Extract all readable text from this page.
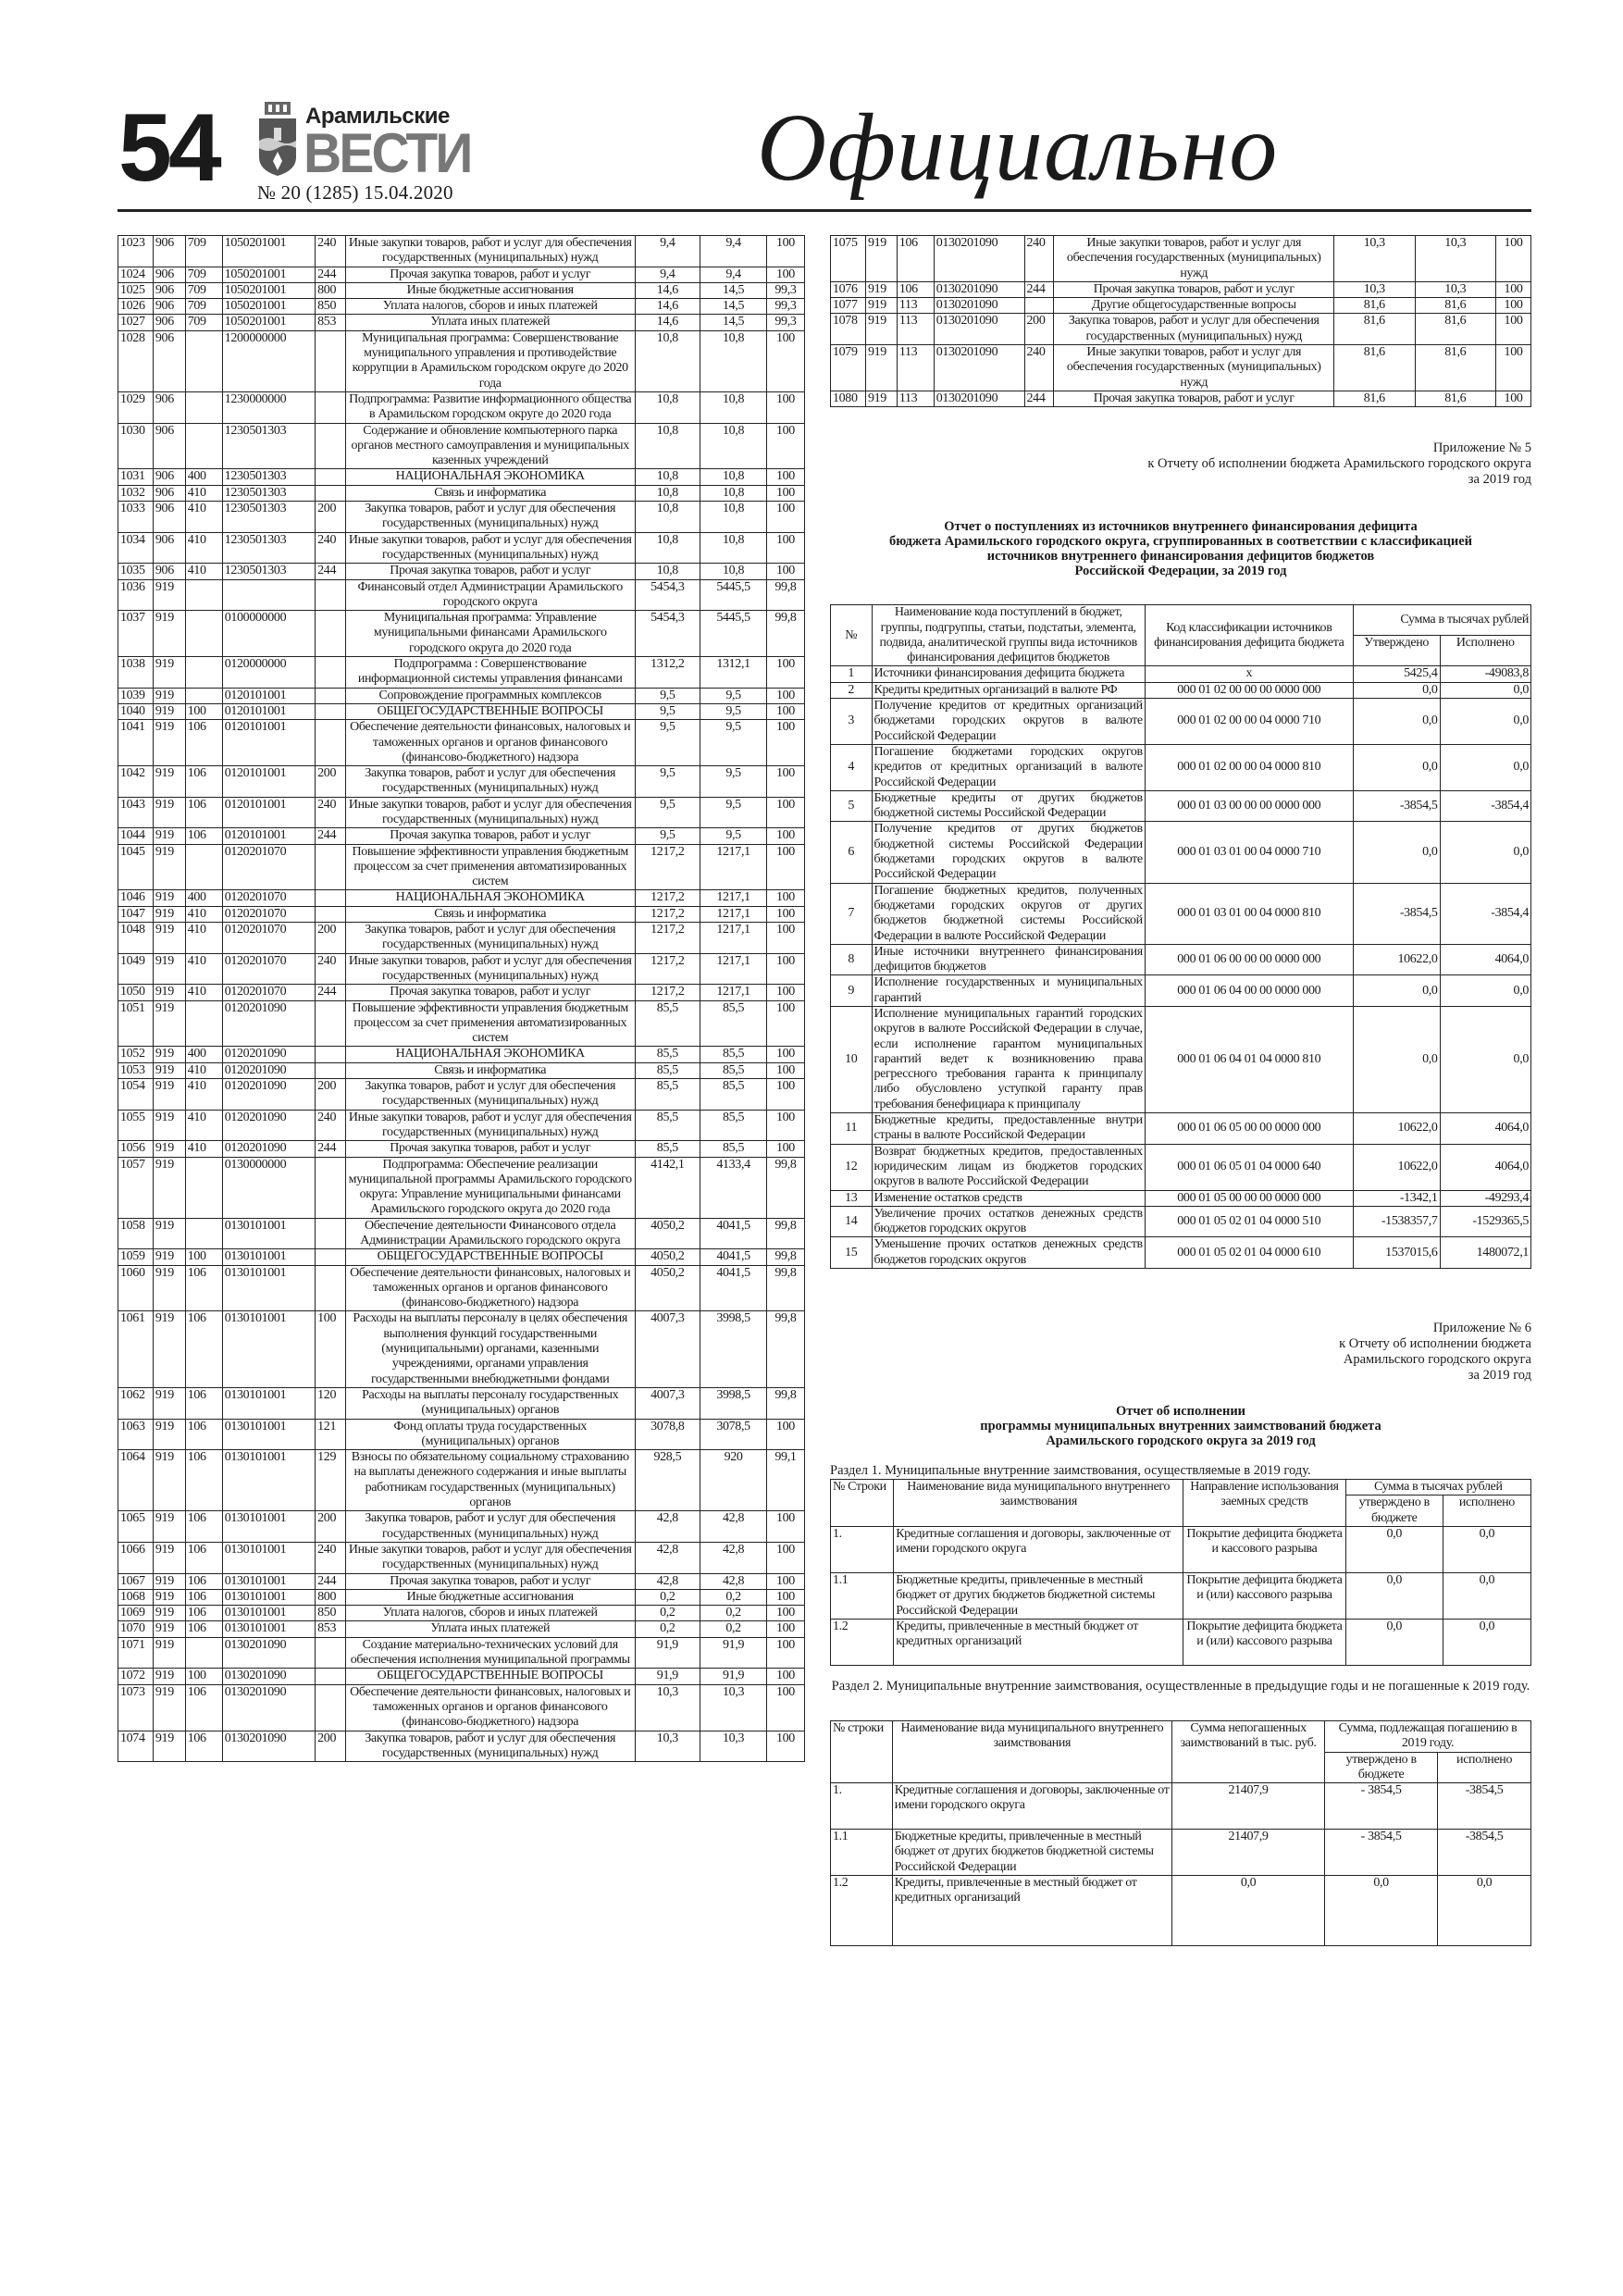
54	Арамильские
ВЕСТИ
№ 20 (1285) 15.04.2020	Официально
1023	906	709	1050201001	240	Иные закупки товаров, работ и услуг для обеспечения государственных (муниципальных) нужд	9,4	9,4	100
1024	906	709	1050201001	244	Прочая закупка товаров, работ и услуг	9,4	9,4	100
1025	906	709	1050201001	800	Иные бюджетные ассигнования	14,6	14,5	99,3
1026	906	709	1050201001	850	Уплата налогов, сборов и иных платежей	14,6	14,5	99,3
1027	906	709	1050201001	853	Уплата иных платежей	14,6	14,5	99,3
1028	906		1200000000		Муниципальная программа: Совершенствование муниципального управления и противодействие коррупции в Арамильском городском округе до 2020 года	10,8	10,8	100
1029	906		1230000000		Подпрограмма: Развитие информационного общества в Арамильском городском округе до 2020 года	10,8	10,8	100
1030	906		1230501303		Содержание и обновление компьютерного парка органов местного самоуправления и муниципальных казенных учреждений	10,8	10,8	100
1031	906	400	1230501303		НАЦИОНАЛЬНАЯ ЭКОНОМИКА	10,8	10,8	100
1032	906	410	1230501303		Связь и информатика	10,8	10,8	100
1033	906	410	1230501303	200	Закупка товаров, работ и услуг для обеспечения государственных (муниципальных) нужд	10,8	10,8	100
1034	906	410	1230501303	240	Иные закупки товаров, работ и услуг для обеспечения государственных (муниципальных) нужд	10,8	10,8	100
1035	906	410	1230501303	244	Прочая закупка товаров, работ и услуг	10,8	10,8	100
1036	919				Финансовый отдел Администрации Арамильского городского округа	5454,3	5445,5	99,8
1037	919		0100000000		Муниципальная программа: Управление муниципальными финансами Арамильского городского округа до 2020 года	5454,3	5445,5	99,8
1038	919		0120000000		Подпрограмма : Совершенствование информационной системы управления финансами	1312,2	1312,1	100
1039	919		0120101001		Сопровождение программных комплексов	9,5	9,5	100
1040	919	100	0120101001		ОБЩЕГОСУДАРСТВЕННЫЕ ВОПРОСЫ	9,5	9,5	100
1041	919	106	0120101001		Обеспечение деятельности финансовых, налоговых и таможенных органов и органов финансового (финансово-бюджетного) надзора	9,5	9,5	100
1042	919	106	0120101001	200	Закупка товаров, работ и услуг для обеспечения государственных (муниципальных) нужд	9,5	9,5	100
1043	919	106	0120101001	240	Иные закупки товаров, работ и услуг для обеспечения государственных (муниципальных) нужд	9,5	9,5	100
1044	919	106	0120101001	244	Прочая закупка товаров, работ и услуг	9,5	9,5	100
1045	919		0120201070		Повышение эффективности управления бюджетным процессом за счет применения автоматизированных систем	1217,2	1217,1	100
1046	919	400	0120201070		НАЦИОНАЛЬНАЯ ЭКОНОМИКА	1217,2	1217,1	100
1047	919	410	0120201070		Связь и информатика	1217,2	1217,1	100
1048	919	410	0120201070	200	Закупка товаров, работ и услуг для обеспечения государственных (муниципальных) нужд	1217,2	1217,1	100
1049	919	410	0120201070	240	Иные закупки товаров, работ и услуг для обеспечения государственных (муниципальных) нужд	1217,2	1217,1	100
1050	919	410	0120201070	244	Прочая закупка товаров, работ и услуг	1217,2	1217,1	100
1051	919		0120201090		Повышение эффективности управления бюджетным процессом за счет применения автоматизированных систем	85,5	85,5	100
1052	919	400	0120201090		НАЦИОНАЛЬНАЯ ЭКОНОМИКА	85,5	85,5	100
1053	919	410	0120201090		Связь и информатика	85,5	85,5	100
1054	919	410	0120201090	200	Закупка товаров, работ и услуг для обеспечения государственных (муниципальных) нужд	85,5	85,5	100
1055	919	410	0120201090	240	Иные закупки товаров, работ и услуг для обеспечения государственных (муниципальных) нужд	85,5	85,5	100
1056	919	410	0120201090	244	Прочая закупка товаров, работ и услуг	85,5	85,5	100
1057	919		0130000000		Подпрограмма: Обеспечение реализации муниципальной программы Арамильского городского округа: Управление муниципальными финансами Арамильского городского округа до 2020 года	4142,1	4133,4	99,8
1058	919		0130101001		Обеспечение деятельности Финансового отдела Администрации Арамильского городского округа	4050,2	4041,5	99,8
1059	919	100	0130101001		ОБЩЕГОСУДАРСТВЕННЫЕ ВОПРОСЫ	4050,2	4041,5	99,8
1060	919	106	0130101001		Обеспечение деятельности финансовых, налоговых и таможенных органов и органов финансового (финансово-бюджетного) надзора	4050,2	4041,5	99,8
1061	919	106	0130101001	100	Расходы на выплаты персоналу в целях обеспечения выполнения функций государственными (муниципальными) органами, казенными учреждениями, органами управления государственными внебюджетными фондами	4007,3	3998,5	99,8
1062	919	106	0130101001	120	Расходы на выплаты персоналу государственных (муниципальных) органов	4007,3	3998,5	99,8
1063	919	106	0130101001	121	Фонд оплаты труда государственных (муниципальных) органов	3078,8	3078,5	100
1064	919	106	0130101001	129	Взносы по обязательному социальному страхованию на выплаты денежного содержания и иные выплаты работникам государственных (муниципальных) органов	928,5	920	99,1
1065	919	106	0130101001	200	Закупка товаров, работ и услуг для обеспечения государственных (муниципальных) нужд	42,8	42,8	100
1066	919	106	0130101001	240	Иные закупки товаров, работ и услуг для обеспечения государственных (муниципальных) нужд	42,8	42,8	100
1067	919	106	0130101001	244	Прочая закупка товаров, работ и услуг	42,8	42,8	100
1068	919	106	0130101001	800	Иные бюджетные ассигнования	0,2	0,2	100
1069	919	106	0130101001	850	Уплата налогов, сборов и иных платежей	0,2	0,2	100
1070	919	106	0130101001	853	Уплата иных платежей	0,2	0,2	100
1071	919		0130201090		Создание материально-технических условий для обеспечения исполнения муниципальной программы	91,9	91,9	100
1072	919	100	0130201090		ОБЩЕГОСУДАРСТВЕННЫЕ ВОПРОСЫ	91,9	91,9	100
1073	919	106	0130201090		Обеспечение деятельности финансовых, налоговых и таможенных органов и органов финансового (финансово-бюджетного) надзора	10,3	10,3	100
1074	919	106	0130201090	200	Закупка товаров, работ и услуг для обеспечения государственных (муниципальных) нужд	10,3	10,3	100
1075	919	106	0130201090	240	Иные закупки товаров, работ и услуг для обеспечения государственных (муниципальных) нужд	10,3	10,3	100
1076	919	106	0130201090	244	Прочая закупка товаров, работ и услуг	10,3	10,3	100
1077	919	113	0130201090		Другие общегосударственные вопросы	81,6	81,6	100
1078	919	113	0130201090	200	Закупка товаров, работ и услуг для обеспечения государственных (муниципальных) нужд	81,6	81,6	100
1079	919	113	0130201090	240	Иные закупки товаров, работ и услуг для обеспечения государственных (муниципальных) нужд	81,6	81,6	100
1080	919	113	0130201090	244	Прочая закупка товаров, работ и услуг	81,6	81,6	100
Приложение № 5
к Отчету об исполнении бюджета Арамильского городского округа
за 2019 год
Отчет о поступлениях из источников внутреннего финансирования дефицита
бюджета Арамильского городского округа, сгруппированных в соответствии с классификацией
источников внутреннего финансирования дефицитов бюджетов
Российской Федерации, за 2019 год
№	Наименование кода поступлений в бюджет, группы, подгруппы, статьи, подстатьи, элемента, подвида, аналитической группы вида источников финансирования дефицитов бюджетов	Код классификации источников финансирования дефицита бюджета	Сумма в тысячах рублей	
			Утверждено	Исполнено
1	Источники финансирования дефицита бюджета	x	5425,4	-49083,8
2	Кредиты кредитных организаций в валюте РФ	000 01 02 00 00 00 0000 000	0,0	0,0
3	Получение кредитов от кредитных организаций бюджетами городских округов в валюте Российской Федерации	000 01 02 00 00 04 0000 710	0,0	0,0
4	Погашение бюджетами городских округов кредитов от кредитных организаций в валюте Российской Федерации	000 01 02 00 00 04 0000 810	0,0	0,0
5	Бюджетные кредиты от других бюджетов бюджетной системы Российской Федерации	000 01 03 00 00 00 0000 000	-3854,5	-3854,4
6	Получение кредитов от других бюджетов бюджетной системы Российской Федерации бюджетами городских округов в валюте Российской Федерации	000 01 03 01 00 04 0000 710	0,0	0,0
7	Погашение бюджетных кредитов, полученных бюджетами городских округов от других бюджетов бюджетной системы Российской Федерации в валюте Российской Федерации	000 01 03 01 00 04 0000 810	-3854,5	-3854,4
8	Иные источники внутреннего финансирования дефицитов бюджетов	000 01 06 00 00 00 0000 000	10622,0	4064,0
9	Исполнение государственных и муниципальных гарантий	000 01 06 04 00 00 0000 000	0,0	0,0
10	Исполнение муниципальных гарантий городских округов в валюте Российской Федерации в случае, если исполнение гарантом муниципальных гарантий ведет к возникновению права регрессного требования гаранта к принципалу либо обусловлено уступкой гаранту прав требования бенефициара к принципалу	000 01 06 04 01 04 0000 810	0,0	0,0
11	Бюджетные кредиты, предоставленные внутри страны в валюте Российской Федерации	000 01 06 05 00 00 0000 000	10622,0	4064,0
12	Возврат бюджетных кредитов, предоставленных юридическим лицам из бюджетов городских округов в валюте Российской Федерации	000 01 06 05 01 04 0000 640	10622,0	4064,0
13	Изменение остатков средств	000 01 05 00 00 00 0000 000	-1342,1	-49293,4
14	Увеличение прочих остатков денежных средств бюджетов городских округов	000 01 05 02 01 04 0000 510	-1538357,7	-1529365,5
15	Уменьшение прочих остатков денежных средств бюджетов городских округов	000 01 05 02 01 04 0000 610	1537015,6	1480072,1
Приложение № 6
к Отчету об исполнении бюджета
Арамильского городского округа
за 2019 год
Отчет об исполнении
программы муниципальных внутренних заимствований бюджета
Арамильского городского округа за 2019 год
Раздел 1. Муниципальные внутренние заимствования, осуществляемые в 2019 году.
№ Строки	Наименование вида муниципального внутреннего заимствования	Направление использования заемных средств	Сумма в тысячах рублей	
			утверждено в бюджете	исполнено
1.	Кредитные соглашения и договоры, заключенные от имени городского округа	Покрытие дефицита бюджета и кассового разрыва	0,0	0,0
1.1	Бюджетные кредиты, привлеченные в местный бюджет от других бюджетов бюджетной системы Российской Федерации	Покрытие дефицита бюджета и (или) кассового разрыва	0,0	0,0
1.2	Кредиты, привлеченные в местный бюджет от кредитных организаций	Покрытие дефицита бюджета и (или) кассового разрыва	0,0	0,0
Раздел 2. Муниципальные внутренние заимствования, осуществленные в предыдущие годы и не погашенные к 2019 году.
№ строки	Наименование вида муниципального внутреннего заимствования	Сумма непогашенных заимствований в тыс. руб.	Сумма, подлежащая погашению в 2019 году.	
			утверждено в бюджете	исполнено
1.	Кредитные соглашения и договоры, заключенные от имени городского округа	21407,9	- 3854,5	-3854,5
1.1	Бюджетные кредиты, привлеченные в местный бюджет от других бюджетов бюджетной системы Российской Федерации	21407,9	- 3854,5	-3854,5
1.2	Кредиты, привлеченные в местный бюджет от кредитных организаций	0,0	0,0	0,0
